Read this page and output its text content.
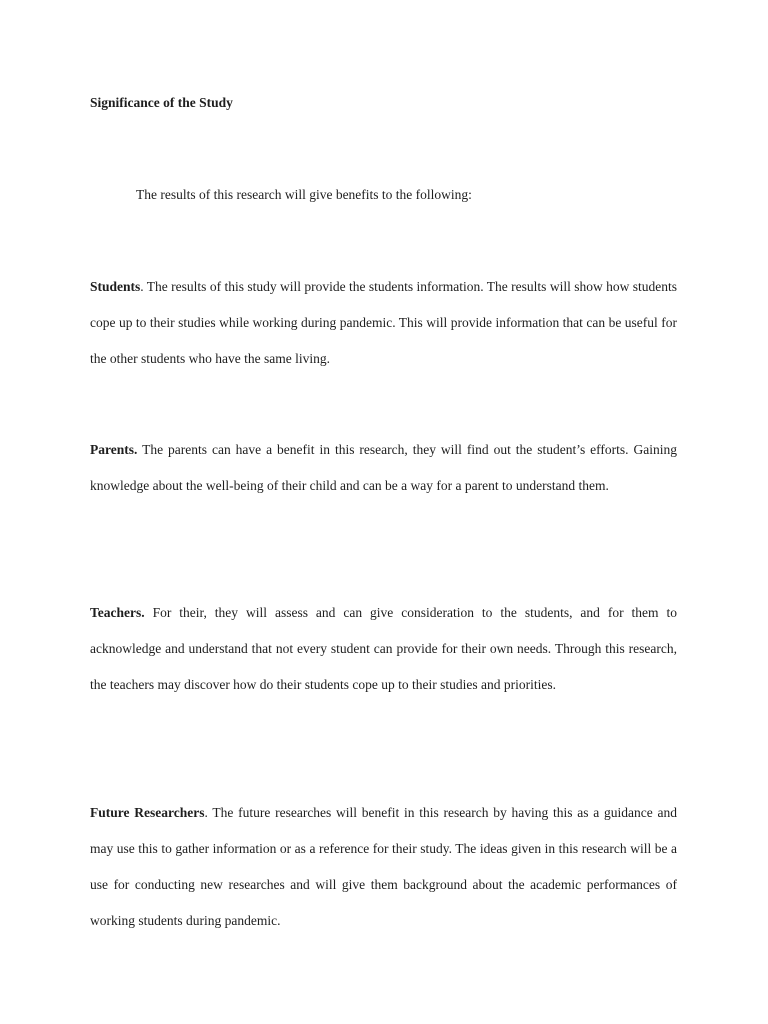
Significance of the Study
The results of this research will give benefits to the following:

Students. The results of this study will provide the students information. The results will show how students cope up to their studies while working during pandemic. This will provide information that can be useful for the other students who have the same living.

Parents. The parents can have a benefit in this research, they will find out the student’s efforts. Gaining knowledge about the well-being of their child and can be a way for a parent to understand them.

Teachers. For their, they will assess and can give consideration to the students, and for them to acknowledge and understand that not every student can provide for their own needs. Through this research, the teachers may discover how do their students cope up to their studies and priorities.

Future Researchers. The future researches will benefit in this research by having this as a guidance and may use this to gather information or as a reference for their study. The ideas given in this research will be a use for conducting new researches and will give them background about the academic performances of working students during pandemic.
